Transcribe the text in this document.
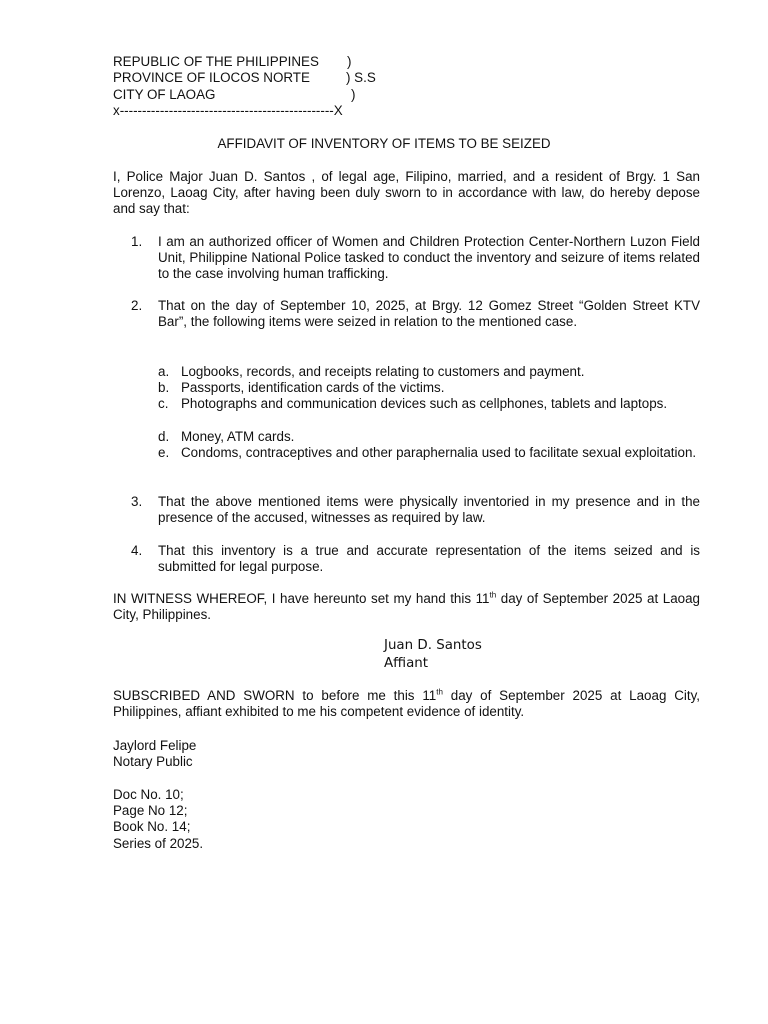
REPUBLIC OF THE PHILIPPINES )
PROVINCE OF ILOCOS NORTE	) S.S
CITY OF LAOAG	)
x------------------------------------------------X
AFFIDAVIT OF INVENTORY OF ITEMS TO BE SEIZED

I, Police Major Juan D. Santos , of legal age, Filipino, married, and a resident of Brgy. 1 San Lorenzo, Laoag City, after having been duly sworn to in accordance with law, do hereby depose and say that:

1.	I am an authorized officer of Women and Children Protection Center-Northern Luzon Field Unit, Philippine National Police tasked to conduct the inventory and seizure of items related to the case involving human trafficking.
2.	That on the day of September 10, 2025, at Brgy. 12 Gomez Street “Golden Street KTV Bar”, the following items were seized in relation to the mentioned case.
a. Logbooks, records, and receipts relating to customers and payment.
b. Passports, identification cards of the victims.
c. Photographs and communication devices such as cellphones, tablets and laptops.
d. Money, ATM cards.
e. Condoms, contraceptives and other paraphernalia used to facilitate sexual exploitation.
3.	That the above mentioned items were physically inventoried in my presence and in the presence of the accused, witnesses as required by law.
4.	That this inventory is a true and accurate representation of the items seized and is submitted for legal purpose.

IN WITNESS WHEREOF, I have hereunto set my hand this 11th day of September 2025 at Laoag City, Philippines.

Juan D. Santos
Affiant

SUBSCRIBED AND SWORN to before me this 11th day of September 2025 at Laoag City, Philippines, affiant exhibited to me his competent evidence of identity.

Jaylord Felipe
Notary Public
Doc No. 10;
Page No 12;
Book No. 14;
Series of 2025.
